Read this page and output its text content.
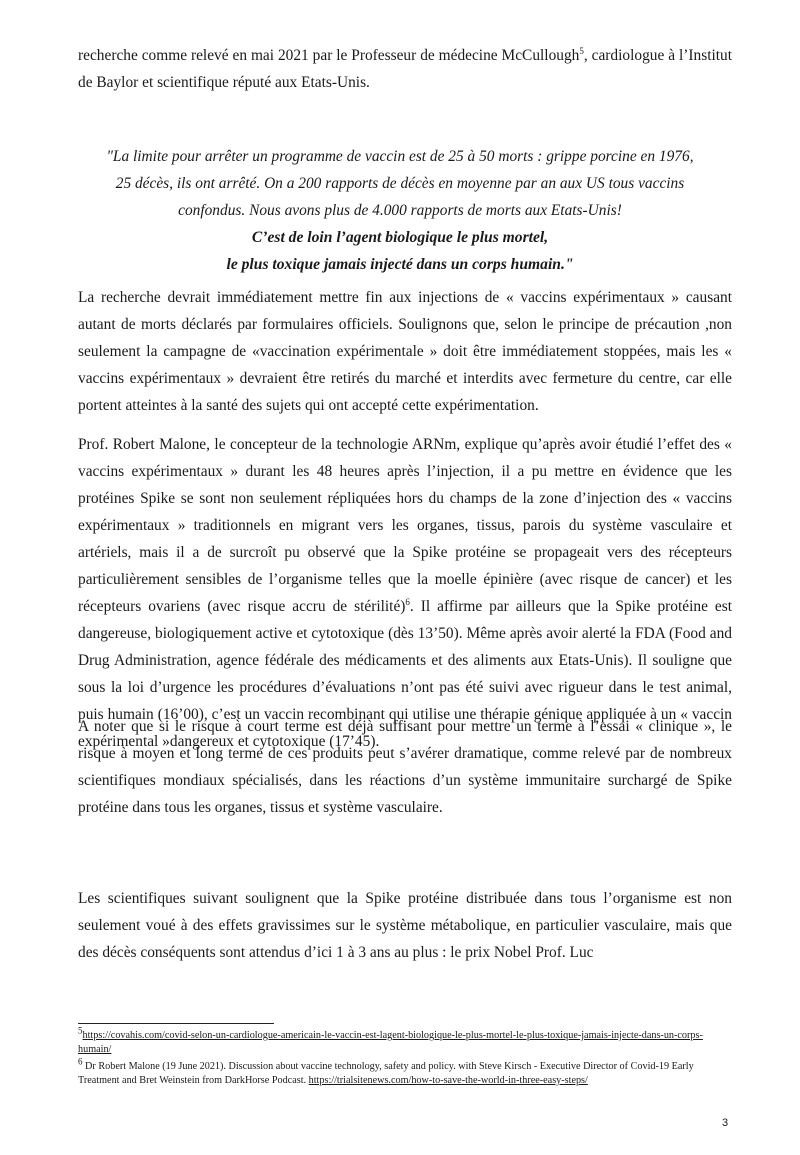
recherche comme relevé en mai 2021 par le Professeur de médecine McCullough$^5$, cardiologue à l’Institut de Baylor et scientifique réputé aux Etats-Unis.

"La limite pour arrêter un programme de vaccin est de 25 à 50 morts : grippe porcine en 1976, 25 décès, ils ont arrêté. On a 200 rapports de décès en moyenne par an aux US tous vaccins confondus. Nous avons plus de 4.000 rapports de morts aux Etats-Unis!

C’est de loin l’agent biologique le plus mortel,

le plus toxique jamais injecté dans un corps humain."

La recherche devrait immédiatement mettre fin aux injections de « vaccins expérimentaux » causant autant de morts déclarés par formulaires officiels. Soulignons que, selon le principe de précaution ,non seulement la campagne de «vaccination expérimentale » doit être immédiatement stoppées, mais les « vaccins expérimentaux » devraient être retirés du marché et interdits avec fermeture du centre, car elle portent atteintes à la santé des sujets qui ont accepté cette expérimentation.

Prof. Robert Malone, le concepteur de la technologie ARNm, explique qu’après avoir étudié l’effet des « vaccins expérimentaux » durant les 48 heures après l’injection, il a pu mettre en évidence que les protéines Spike se sont non seulement répliquées hors du champs de la zone d’injection des « vaccins expérimentaux » traditionnels en migrant vers les organes, tissus, parois du système vasculaire et artériels, mais il a de surcroît pu observé que la Spike protéine se propageait vers des récepteurs particulièrement sensibles de l’organisme telles que la moelle épinière (avec risque de cancer) et les récepteurs ovariens (avec risque accru de stérilité)$^6$. Il affirme par ailleurs que la Spike protéine est dangereuse, biologiquement active et cytotoxique (dès 13’50). Même après avoir alerté la FDA (Food and Drug Administration, agence fédérale des médicaments et des aliments aux Etats-Unis). Il souligne que sous la loi d’urgence les procédures d’évaluations n’ont pas été suivi avec rigueur dans le test animal, puis humain (16’00), c’est un vaccin recombinant qui utilise une thérapie génique appliquée à un « vaccin expérimental »dangereux et cytotoxique (17’45).

A noter que si le risque à court terme est déjà suffisant pour mettre un terme à l’essai « clinique », le risque à moyen et long terme de ces produits peut s’avérer dramatique, comme relevé par de nombreux scientifiques mondiaux spécialisés, dans les réactions d’un système immunitaire surchargé de Spike protéine dans tous les organes, tissus et système vasculaire.

Les scientifiques suivant soulignent que la Spike protéine distribuée dans tous l’organisme est non seulement voué à des effets gravissimes sur le système métabolique, en particulier vasculaire, mais que des décès conséquents sont attendus d’ici 1 à 3 ans au plus : le prix Nobel Prof. Luc

$^5$https://covahis.com/covid-selon-un-cardiologue-americain-le-vaccin-est-lagent-biologique-le-plus-mortel-le-plus-toxique-jamais-injecte-dans-un-corps-humain/

$^6$ Dr Robert Malone (19 June 2021). Discussion about vaccine technology, safety and policy. with Steve Kirsch - Executive Director of Covid-19 Early Treatment and Bret Weinstein from DarkHorse Podcast. https://trialsitenews.com/how-to-save-the-world-in-three-easy-steps/

3
